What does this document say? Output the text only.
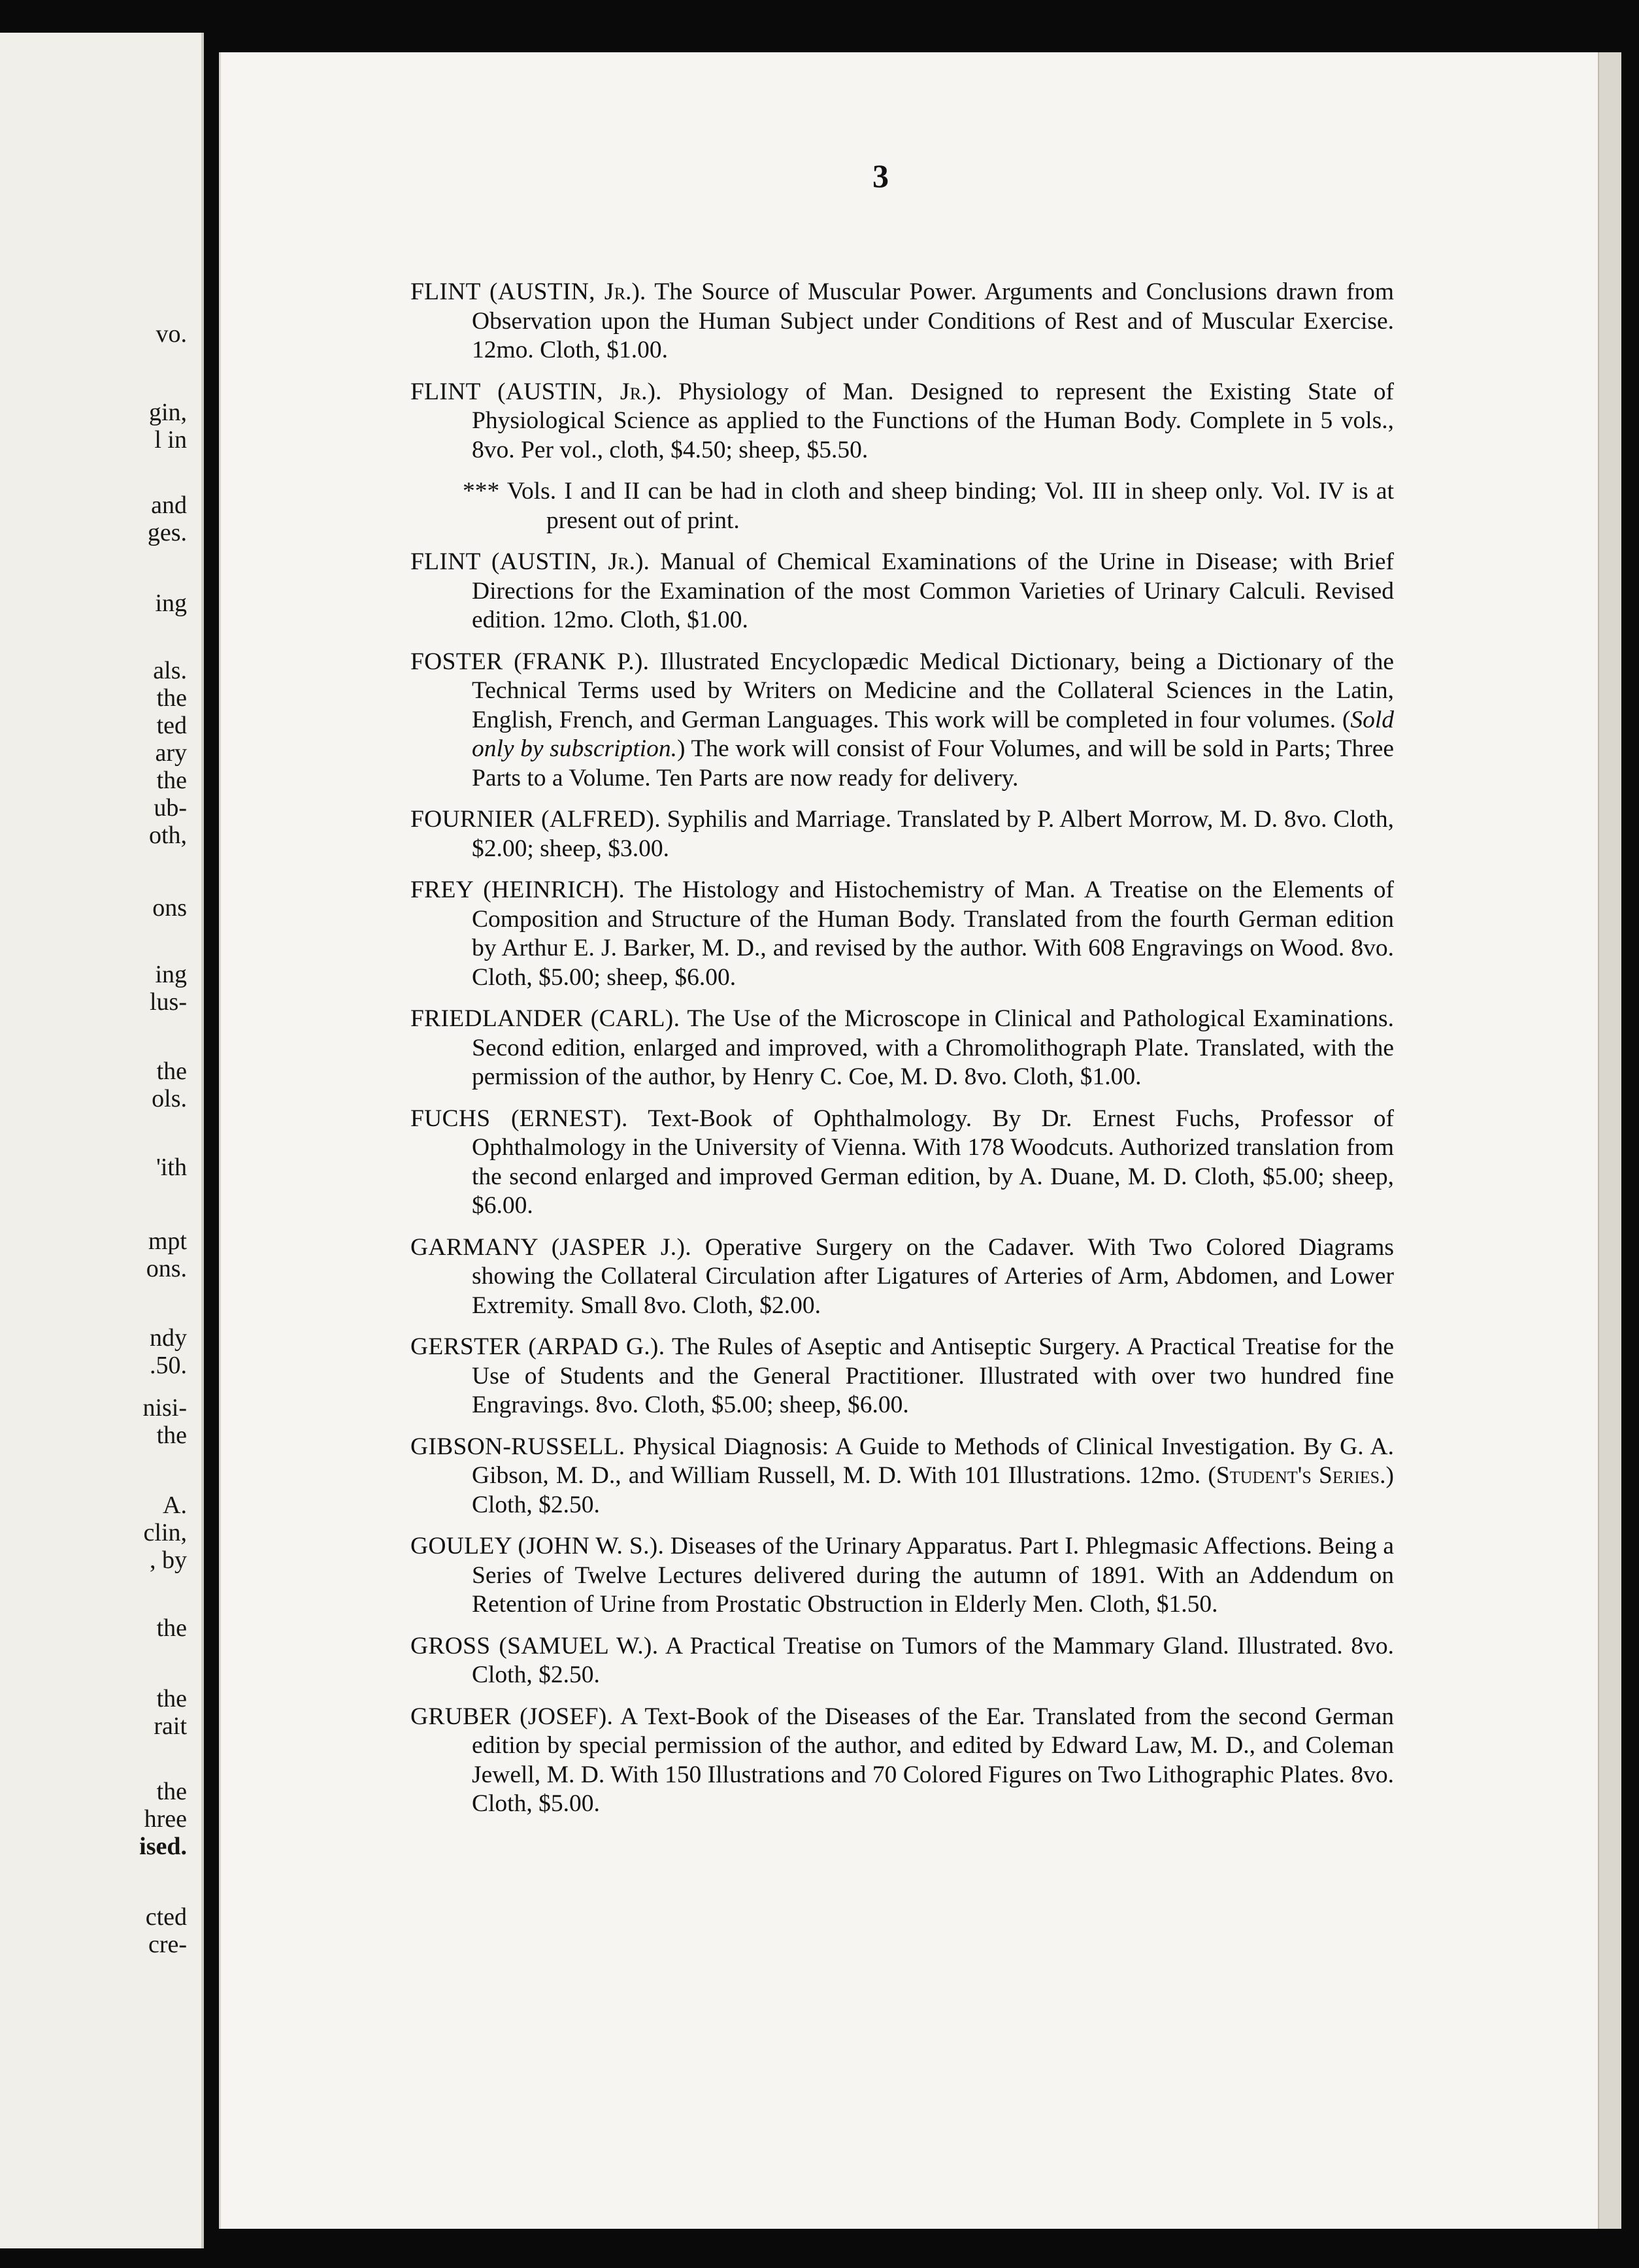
vo.
gin,
l in
and
ges.
ing
als.
the
ted
ary
the
ub-
oth,
ons
ing
lus-
the
ols.
'ith
mpt
ons.
ndy
.50.
nisi-
the
A.
clin,
, by
the
the
rait
the
hree
ised.
cted
cre-
3
FLINT (AUSTIN, Jr.). The Source of Muscular Power. Arguments and Conclusions drawn from Observation upon the Human Subject under Conditions of Rest and of Muscular Exercise. 12mo. Cloth, $1.00.
FLINT (AUSTIN, Jr.). Physiology of Man. Designed to represent the Existing State of Physiological Science as applied to the Functions of the Human Body. Complete in 5 vols., 8vo. Per vol., cloth, $4.50; sheep, $5.50.
*** Vols. I and II can be had in cloth and sheep binding; Vol. III in sheep only. Vol. IV is at present out of print.
FLINT (AUSTIN, Jr.). Manual of Chemical Examinations of the Urine in Disease; with Brief Directions for the Examination of the most Common Varieties of Urinary Calculi. Revised edition. 12mo. Cloth, $1.00.
FOSTER (FRANK P.). Illustrated Encyclopædic Medical Dictionary, being a Dictionary of the Technical Terms used by Writers on Medicine and the Collateral Sciences in the Latin, English, French, and German Languages. This work will be completed in four volumes. (Sold only by subscription.) The work will consist of Four Volumes, and will be sold in Parts; Three Parts to a Volume. Ten Parts are now ready for delivery.
FOURNIER (ALFRED). Syphilis and Marriage. Translated by P. Albert Morrow, M. D. 8vo. Cloth, $2.00; sheep, $3.00.
FREY (HEINRICH). The Histology and Histochemistry of Man. A Treatise on the Elements of Composition and Structure of the Human Body. Translated from the fourth German edition by Arthur E. J. Barker, M. D., and revised by the author. With 608 Engravings on Wood. 8vo. Cloth, $5.00; sheep, $6.00.
FRIEDLANDER (CARL). The Use of the Microscope in Clinical and Pathological Examinations. Second edition, enlarged and improved, with a Chromolithograph Plate. Translated, with the permission of the author, by Henry C. Coe, M. D. 8vo. Cloth, $1.00.
FUCHS (ERNEST). Text-Book of Ophthalmology. By Dr. Ernest Fuchs, Professor of Ophthalmology in the University of Vienna. With 178 Woodcuts. Authorized translation from the second enlarged and improved German edition, by A. Duane, M. D. Cloth, $5.00; sheep, $6.00.
GARMANY (JASPER J.). Operative Surgery on the Cadaver. With Two Colored Diagrams showing the Collateral Circulation after Ligatures of Arteries of Arm, Abdomen, and Lower Extremity. Small 8vo. Cloth, $2.00.
GERSTER (ARPAD G.). The Rules of Aseptic and Antiseptic Surgery. A Practical Treatise for the Use of Students and the General Practitioner. Illustrated with over two hundred fine Engravings. 8vo. Cloth, $5.00; sheep, $6.00.
GIBSON-RUSSELL. Physical Diagnosis: A Guide to Methods of Clinical Investigation. By G. A. Gibson, M. D., and William Russell, M. D. With 101 Illustrations. 12mo. (Student's Series.) Cloth, $2.50.
GOULEY (JOHN W. S.). Diseases of the Urinary Apparatus. Part I. Phlegmasic Affections. Being a Series of Twelve Lectures delivered during the autumn of 1891. With an Addendum on Retention of Urine from Prostatic Obstruction in Elderly Men. Cloth, $1.50.
GROSS (SAMUEL W.). A Practical Treatise on Tumors of the Mammary Gland. Illustrated. 8vo. Cloth, $2.50.
GRUBER (JOSEF). A Text-Book of the Diseases of the Ear. Translated from the second German edition by special permission of the author, and edited by Edward Law, M. D., and Coleman Jewell, M. D. With 150 Illustrations and 70 Colored Figures on Two Lithographic Plates. 8vo. Cloth, $5.00.
